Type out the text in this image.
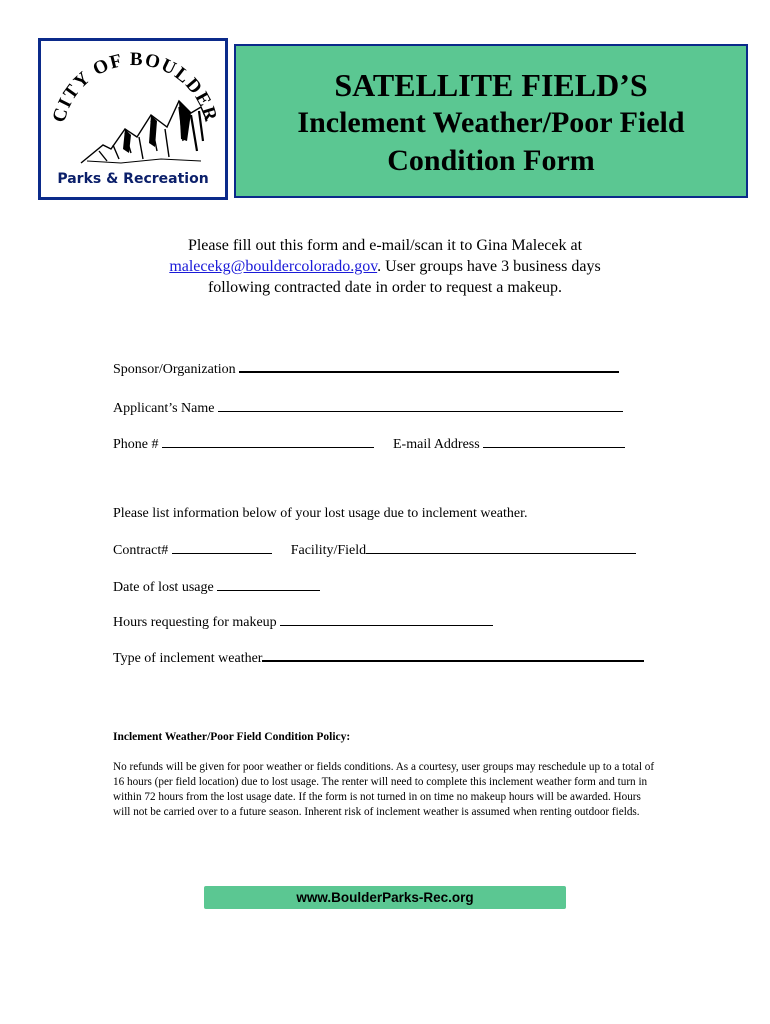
CITY OF BOULDER
Parks & Recreation
SATELLITE FIELD’S
Inclement Weather/Poor Field
Condition Form
Please fill out this form and e-mail/scan it to Gina Malecek at
malecekg@bouldercolorado.gov. User groups have 3 business days
following contracted date in order to request a makeup.
Sponsor/Organization
Applicant’s Name
Phone #	E-mail Address
Please list information below of your lost usage due to inclement weather.
Contract#	Facility/Field
Date of lost usage
Hours requesting for makeup
Type of inclement weather
Inclement Weather/Poor Field Condition Policy:
No refunds will be given for poor weather or fields conditions. As a courtesy, user groups may reschedule up to a total of 16 hours (per field location) due to lost usage. The renter will need to complete this inclement weather form and turn in within 72 hours from the lost usage date. If the form is not turned in on time no makeup hours will be awarded. Hours will not be carried over to a future season. Inherent risk of inclement weather is assumed when renting outdoor fields.
www.BoulderParks-Rec.org
